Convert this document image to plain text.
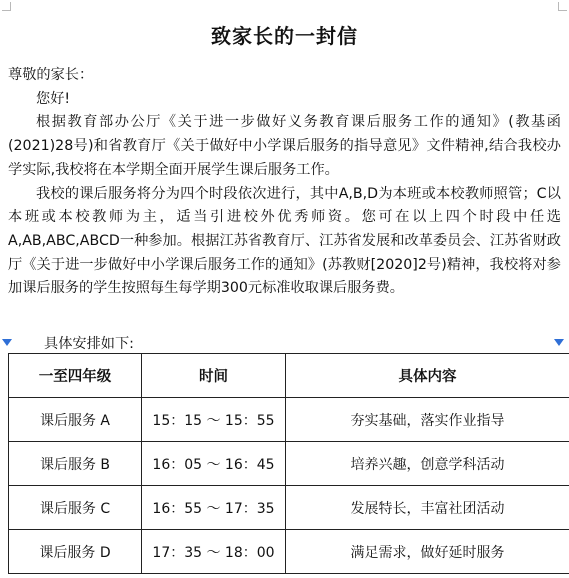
致家长的一封信

尊敬的家长：

您好!

根据教育部办公厅《关于进一步做好义务教育课后服务工作的通知》(教基函(2021)28号)和省教育厅《关于做好中小学课后服务的指导意见》文件精神,结合我校办学实际,我校将在本学期全面开展学生课后服务工作。

我校的课后服务将分为四个时段依次进行，其中A,B,D为本班或本校教师照管；C以本班或本校教师为主，适当引进校外优秀师资。您可在以上四个时段中任选A,AB,ABC,ABCD一种参加。根据江苏省教育厅、江苏省发展和改革委员会、江苏省财政厅《关于进一步做好中小学课后服务工作的通知》(苏教财[2020]2号)精神，我校将对参加课后服务的学生按照每生每学期300元标准收取课后服务费。

具体安排如下:
一至四年级	时间	具体内容
课后服务 A	15：15 ～ 15：55	夯实基础，落实作业指导
课后服务 B	16：05 ～ 16：45	培养兴趣，创意学科活动
课后服务 C	16：55 ～ 17：35	发展特长，丰富社团活动
课后服务 D	17：35 ～ 18：00	满足需求，做好延时服务
